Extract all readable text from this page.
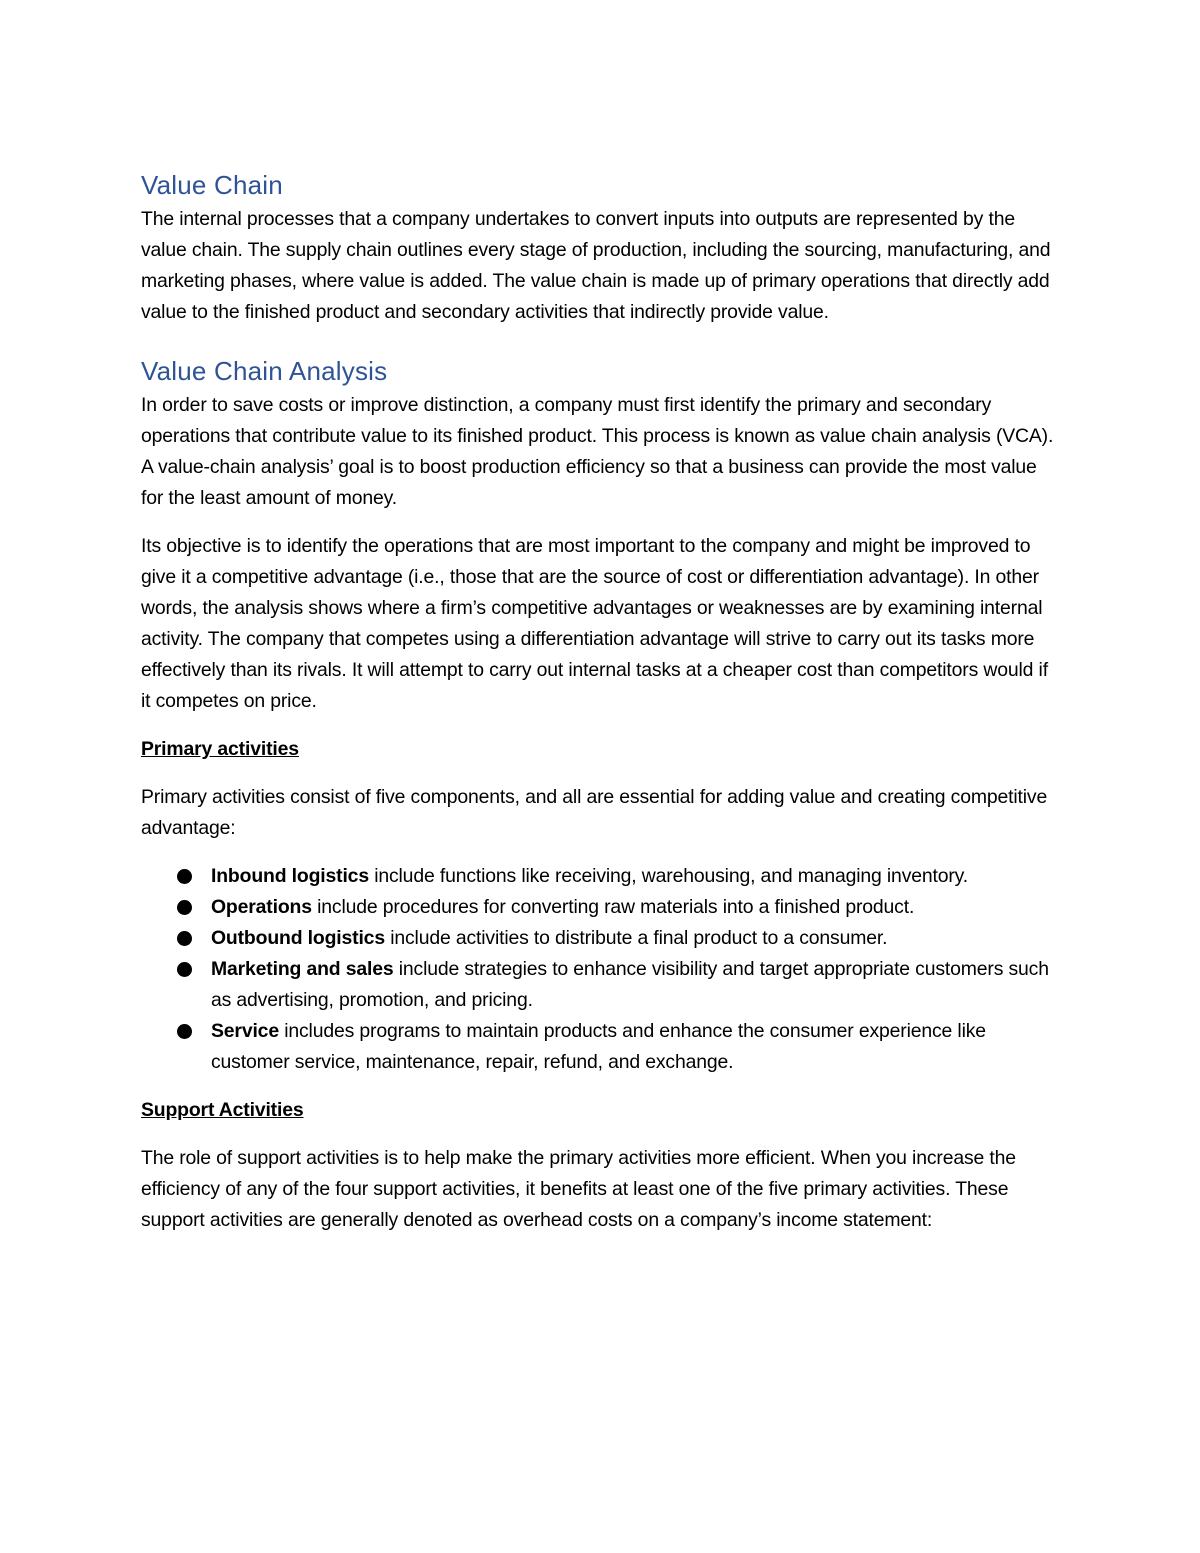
Value Chain

The internal processes that a company undertakes to convert inputs into outputs are represented by the value chain. The supply chain outlines every stage of production, including the sourcing, manufacturing, and marketing phases, where value is added. The value chain is made up of primary operations that directly add value to the finished product and secondary activities that indirectly provide value.

Value Chain Analysis

In order to save costs or improve distinction, a company must first identify the primary and secondary operations that contribute value to its finished product. This process is known as value chain analysis (VCA). A value-chain analysis’ goal is to boost production efficiency so that a business can provide the most value for the least amount of money.

Its objective is to identify the operations that are most important to the company and might be improved to give it a competitive advantage (i.e., those that are the source of cost or differentiation advantage). In other words, the analysis shows where a firm’s competitive advantages or weaknesses are by examining internal activity. The company that competes using a differentiation advantage will strive to carry out its tasks more effectively than its rivals. It will attempt to carry out internal tasks at a cheaper cost than competitors would if it competes on price.

Primary activities

Primary activities consist of five components, and all are essential for adding value and creating competitive advantage:

Inbound logistics include functions like receiving, warehousing, and managing inventory.
Operations include procedures for converting raw materials into a finished product.
Outbound logistics include activities to distribute a final product to a consumer.
Marketing and sales include strategies to enhance visibility and target appropriate customers such as advertising, promotion, and pricing.
Service includes programs to maintain products and enhance the consumer experience like customer service, maintenance, repair, refund, and exchange.

Support Activities

The role of support activities is to help make the primary activities more efficient. When you increase the efficiency of any of the four support activities, it benefits at least one of the five primary activities. These support activities are generally denoted as overhead costs on a company’s income statement:
